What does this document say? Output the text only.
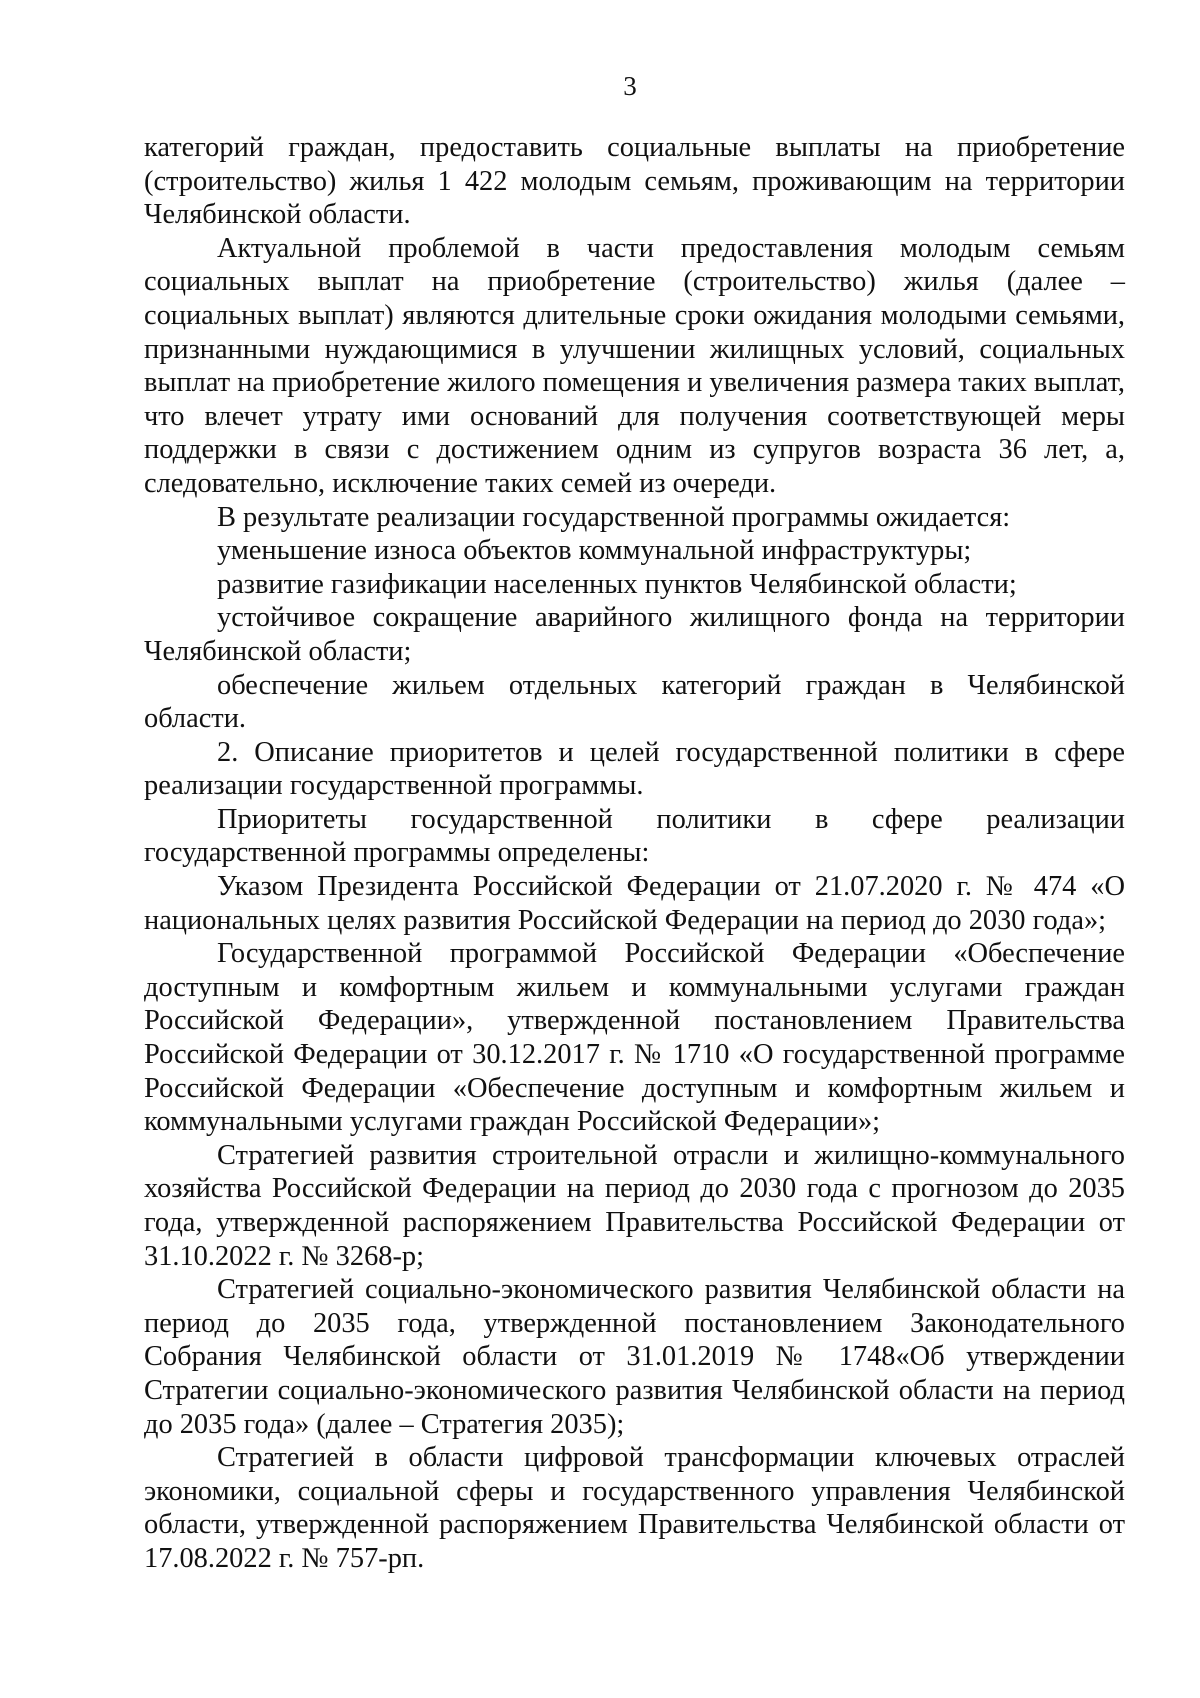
3

категорий граждан, предоставить социальные выплаты на приобретение (строительство) жилья 1 422 молодым семьям, проживающим на территории Челябинской области.

Актуальной проблемой в части предоставления молодым семьям социальных выплат на приобретение (строительство) жилья (далее – социальных выплат) являются длительные сроки ожидания молодыми семьями, признанными нуждающимися в улучшении жилищных условий, социальных выплат на приобретение жилого помещения и увеличения размера таких выплат, что влечет утрату ими оснований для получения соответствующей меры поддержки в связи с достижением одним из супругов возраста 36 лет, а, следовательно, исключение таких семей из очереди.

В результате реализации государственной программы ожидается:

уменьшение износа объектов коммунальной инфраструктуры;

развитие газификации населенных пунктов Челябинской области;

устойчивое сокращение аварийного жилищного фонда на территории Челябинской области;

обеспечение жильем отдельных категорий граждан в Челябинской области.

2. Описание приоритетов и целей государственной политики в сфере реализации государственной программы.

Приоритеты государственной политики в сфере реализации государственной программы определены:

Указом Президента Российской Федерации от 21.07.2020 г. № 474 «О национальных целях развития Российской Федерации на период до 2030 года»;

Государственной программой Российской Федерации «Обеспечение доступным и комфортным жильем и коммунальными услугами граждан Российской Федерации», утвержденной постановлением Правительства Российской Федерации от 30.12.2017 г. № 1710 «О государственной программе Российской Федерации «Обеспечение доступным и комфортным жильем и коммунальными услугами граждан Российской Федерации»;

Стратегией развития строительной отрасли и жилищно-коммунального хозяйства Российской Федерации на период до 2030 года с прогнозом до 2035 года, утвержденной распоряжением Правительства Российской Федерации от 31.10.2022 г. № 3268-р;

Стратегией социально-экономического развития Челябинской области на период до 2035 года, утвержденной постановлением Законодательного Собрания Челябинской области от 31.01.2019 № 1748«Об утверждении Стратегии социально-экономического развития Челябинской области на период до 2035 года» (далее – Стратегия 2035);

Стратегией в области цифровой трансформации ключевых отраслей экономики, социальной сферы и государственного управления Челябинской области, утвержденной распоряжением Правительства Челябинской области от 17.08.2022 г. № 757-рп.
